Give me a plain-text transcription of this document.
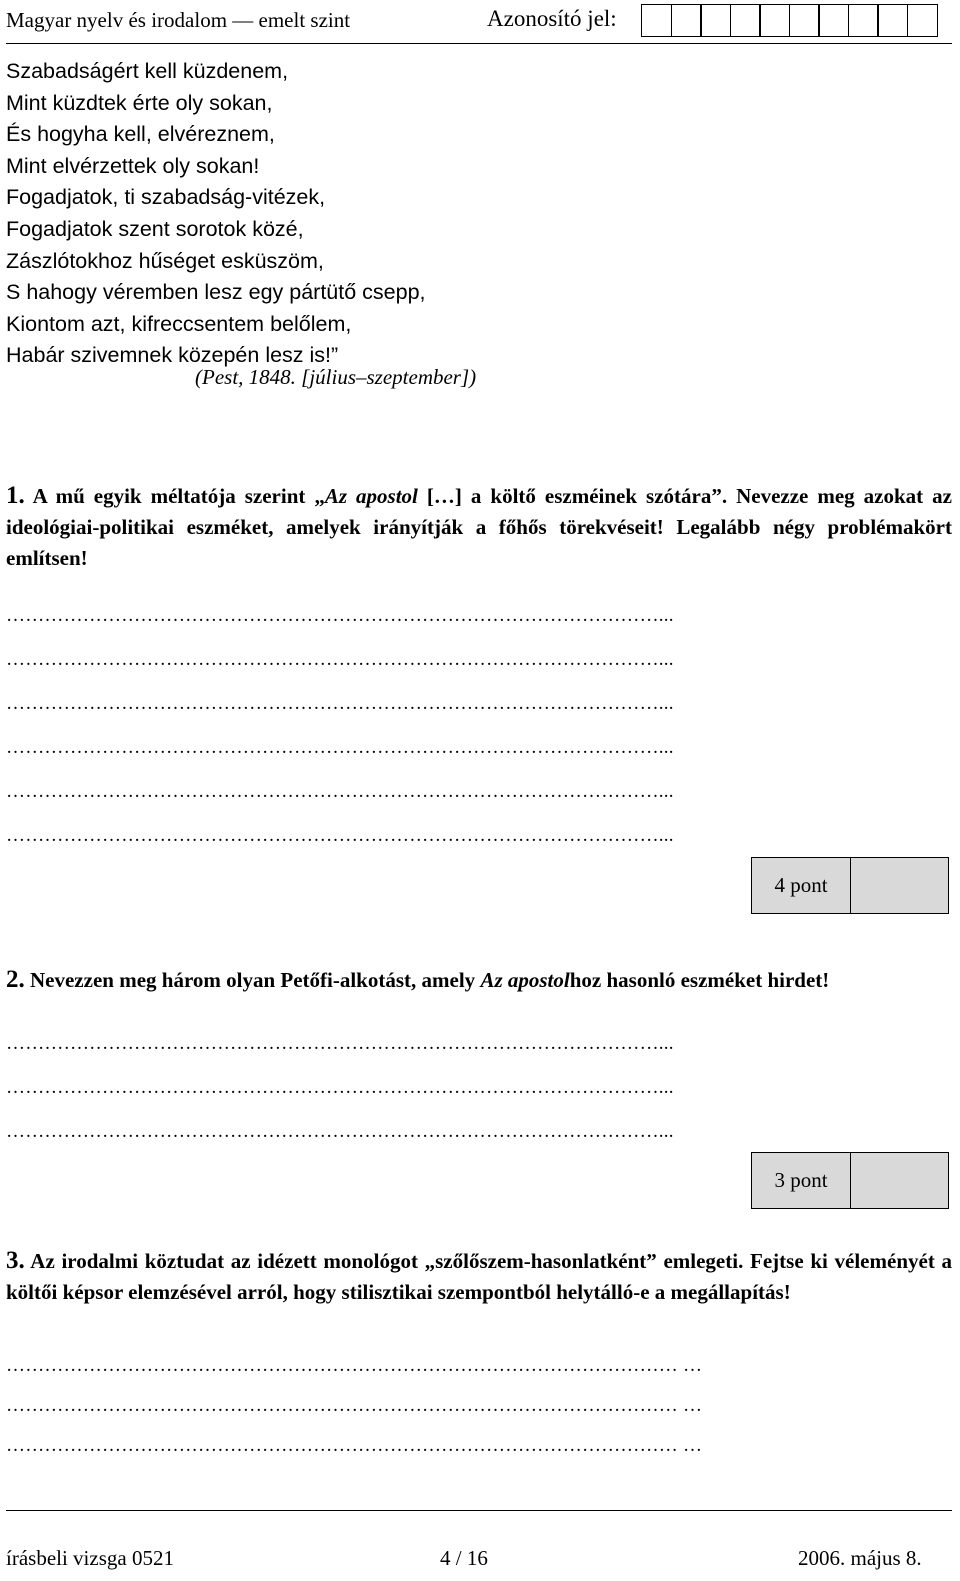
Magyar nyelv és irodalom — emelt szint	Azonosító jel:
Szabadságért kell küzdenem,
Mint küzdtek érte oly sokan,
És hogyha kell, elvéreznem,
Mint elvérzettek oly sokan!
Fogadjatok, ti szabadság-vitézek,
Fogadjatok szent sorotok közé,
Zászlótokhoz hűséget esküszöm,
S hahogy véremben lesz egy pártütő csepp,
Kiontom azt, kifreccsentem belőlem,
Habár szivemnek közepén lesz is!”
(Pest, 1848. [július–szeptember])
1. A mű egyik méltatója szerint „Az apostol […] a költő eszméinek szótára”. Nevezze meg azokat az ideológiai-politikai eszméket, amelyek irányítják a főhős törekvéseit! Legalább négy problémakört említsen!
…………………………………………………………………………………………...
…………………………………………………………………………………………...
…………………………………………………………………………………………...
…………………………………………………………………………………………...
…………………………………………………………………………………………...
…………………………………………………………………………………………...
4 pont
2. Nevezzen meg három olyan Petőfi-alkotást, amely Az apostolhoz hasonló eszméket hirdet!
…………………………………………………………………………………………...
…………………………………………………………………………………………...
…………………………………………………………………………………………...
3 pont
3. Az irodalmi köztudat az idézett monológot „szőlőszem-hasonlatként” emlegeti. Fejtse ki véleményét a költői képsor elemzésével arról, hogy stilisztikai szempontból helytálló-e a megállapítás!
…………………………………………………………………………………………… …
…………………………………………………………………………………………… …
…………………………………………………………………………………………… …
írásbeli vizsga 0521	4 / 16	2006. május 8.
